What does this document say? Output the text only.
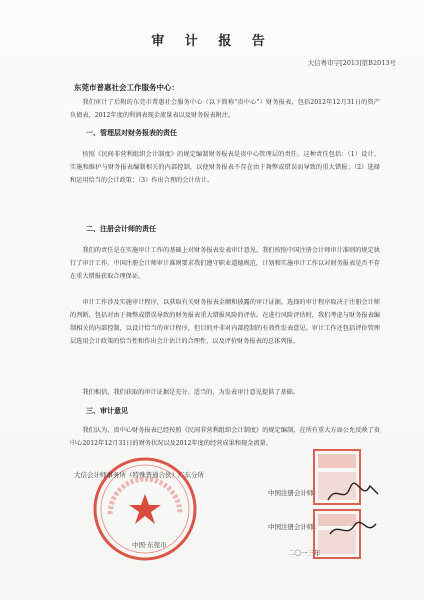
审 计 报 告
大信粤审字[2013]第B2013号
东莞市普惠社会工作服务中心：
我们审计了后附的东莞市普惠社会服务中心（以下简称“贵中心”）财务报表，包括2012年12月31日的资产负债表，2012年度的利润表现金流量表以及财务报表附注。
一、管理层对财务报表的责任
按照《民间非营利组织会计制度》的规定编制财务报表是贵中心管理层的责任。这种责任包括：（1）设计、实施和维护与财务报表编制相关的内部控制，以使财务报表不存在由于舞弊或错误而导致的重大错报；（2）选择和运用恰当的会计政策；（3）作出合理的会计估计。
二、注册会计师的责任
我们的责任是在实施审计工作的基础上对财务报表发表审计意见。我们按照中国注册会计师审计准则的规定执行了审计工作。中国注册会计师审计准则要求我们遵守职业道德规范，计划和实施审计工作以对财务报表是否不存在重大错报获取合理保证。
审计工作涉及实施审计程序，以获取有关财务报表金额和披露的审计证据。选择的审计程序取决于注册会计师的判断，包括对由于舞弊或错误导致的财务报表重大错报风险的评估。在进行风险评估时，我们考虑与财务报表编制相关的内部控制，以设计恰当的审计程序，但目的并非对内部控制的有效性发表意见。审计工作还包括评价管理层选用会计政策的恰当性和作出会计估计的合理性，以及评价财务报表的总体列报。
我们相信，我们获取的审计证据是充分、适当的，为发表审计意见提供了基础。
三、审计意见
我们认为，贵中心财务报表已经按照《民间非营利组织会计制度》的规定编制，在所有重大方面公允反映了贵中心2012年12月31日的财务状况以及2012年度的经营成果和现金流量。
大信会计师事务所（特殊普通合伙）广东分所
中国·东莞市
中国注册会计师：
中国注册会计师：
二〇一三年
